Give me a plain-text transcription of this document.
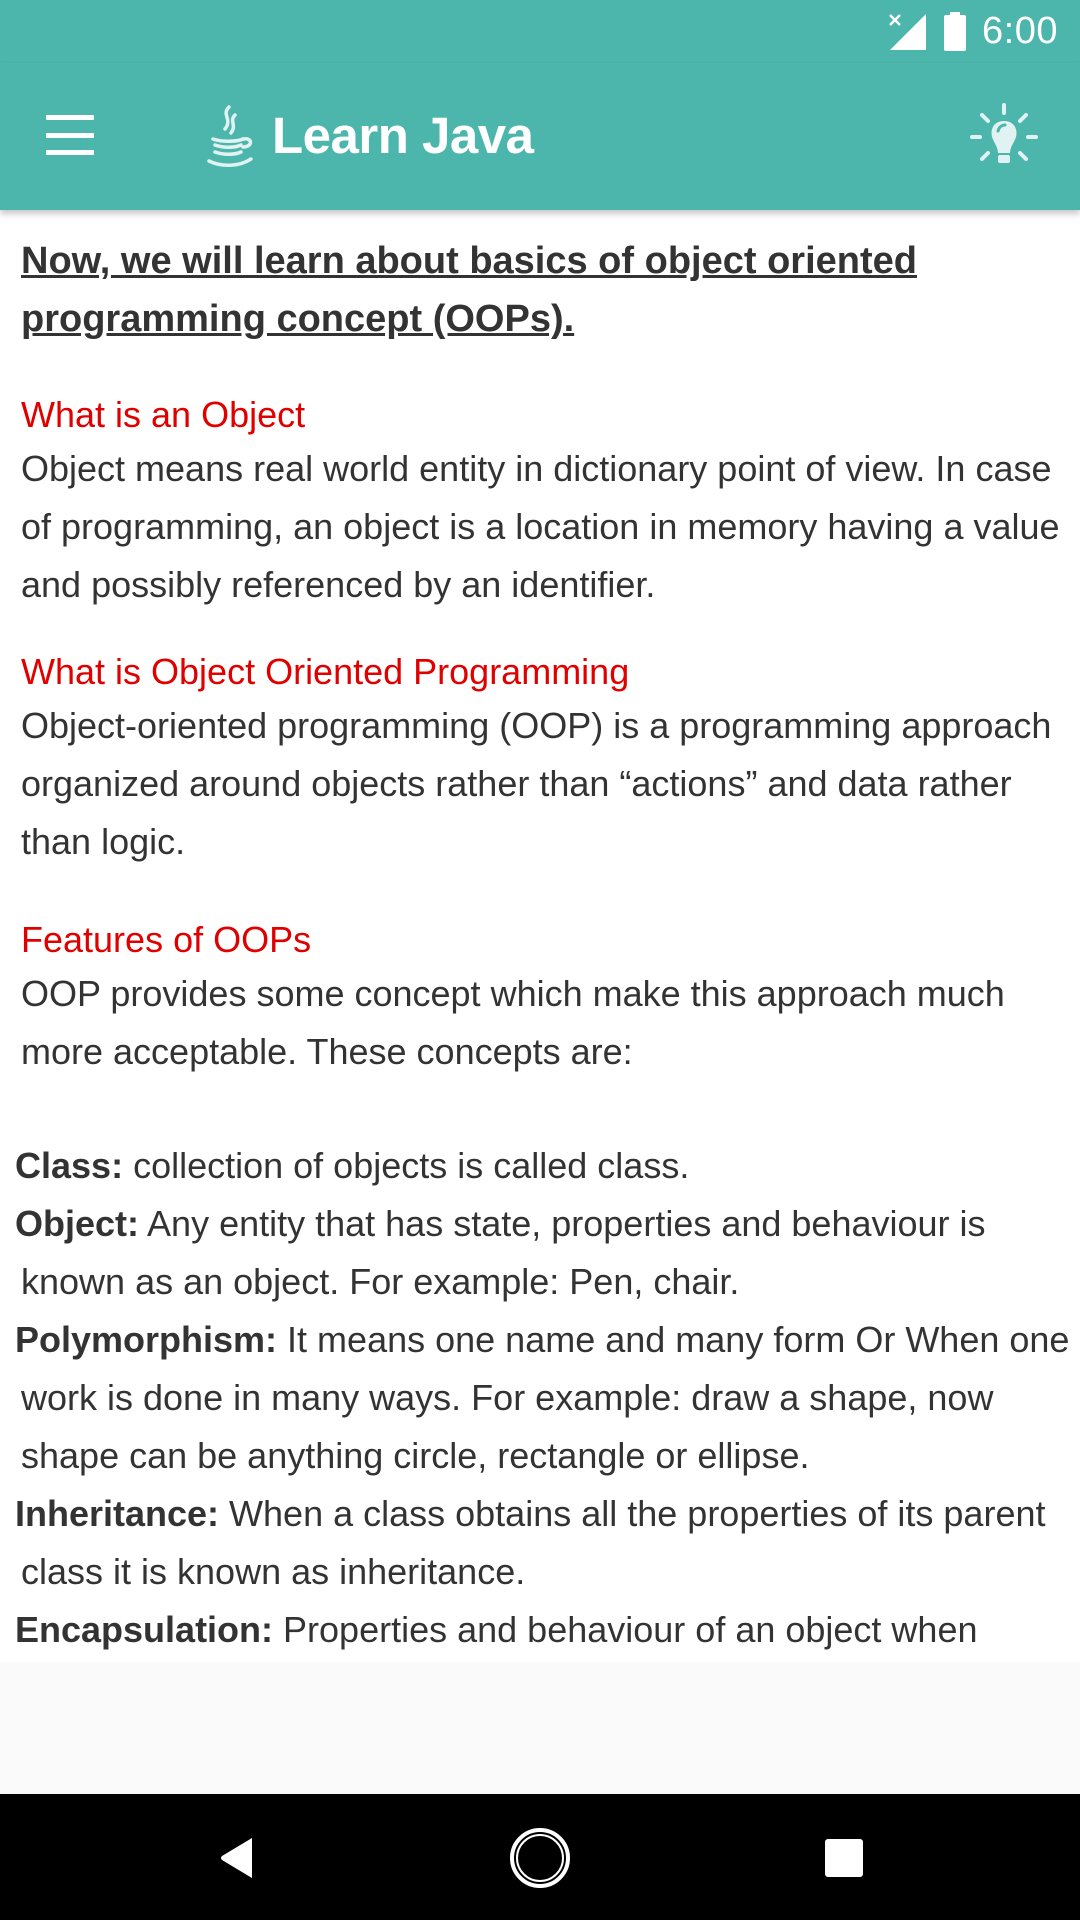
6:00
Learn Java
Now, we will learn about basics of object oriented programming concept (OOPs).
What is an Object

Object means real world entity in dictionary point of view. In case of programming, an object is a location in memory having a value and possibly referenced by an identifier.

What is Object Oriented Programming

Object-oriented programming (OOP) is a programming approach organized around objects rather than “actions” and data rather than logic.

Features of OOPs

OOP provides some concept which make this approach much more acceptable. These concepts are:

Class: collection of objects is called class.
Object: Any entity that has state, properties and behaviour is known as an object. For example: Pen, chair.
Polymorphism: It means one name and many form Or When one work is done in many ways. For example: draw a shape, now shape can be anything circle, rectangle or ellipse.
Inheritance: When a class obtains all the properties of its parent class it is known as inheritance.
Encapsulation: Properties and behaviour of an object when
